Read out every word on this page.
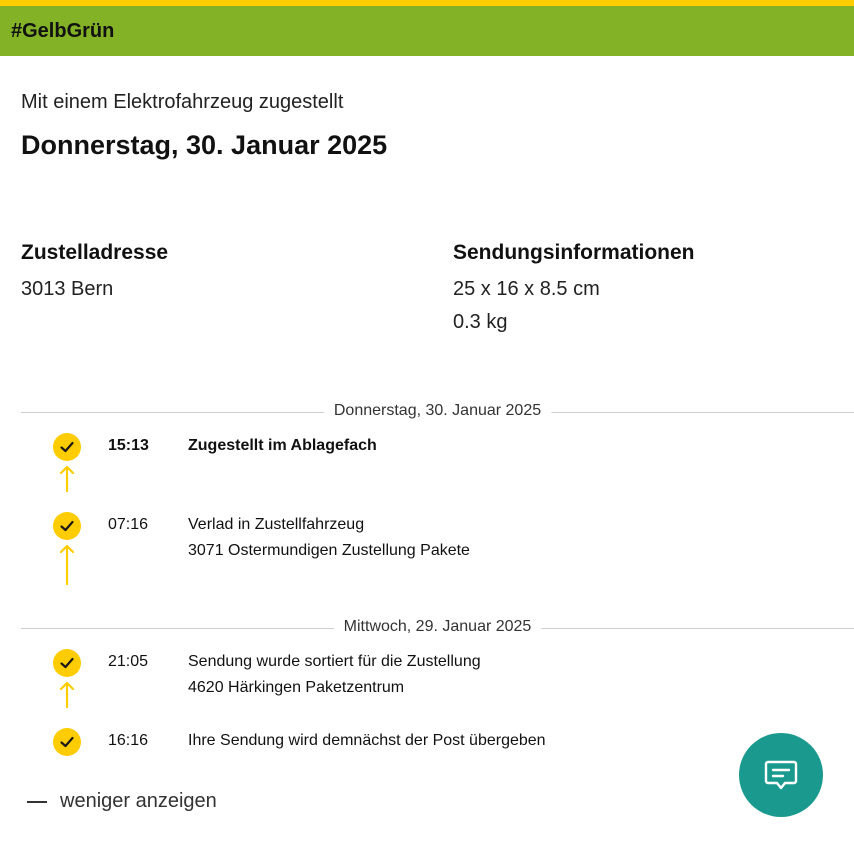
#GelbGrün
Mit einem Elektrofahrzeug zugestellt
Donnerstag, 30. Januar 2025
Zustelladresse
3013 Bern
Sendungsinformationen
25 x 16 x 8.5 cm
0.3 kg
Donnerstag, 30. Januar 2025
15:13 Zugestellt im Ablagefach
07:16 Verlad in Zustellfahrzeug
3071 Ostermundigen Zustellung Pakete
Mittwoch, 29. Januar 2025
21:05 Sendung wurde sortiert für die Zustellung
4620 Härkingen Paketzentrum
16:16 Ihre Sendung wird demnächst der Post übergeben
weniger anzeigen
